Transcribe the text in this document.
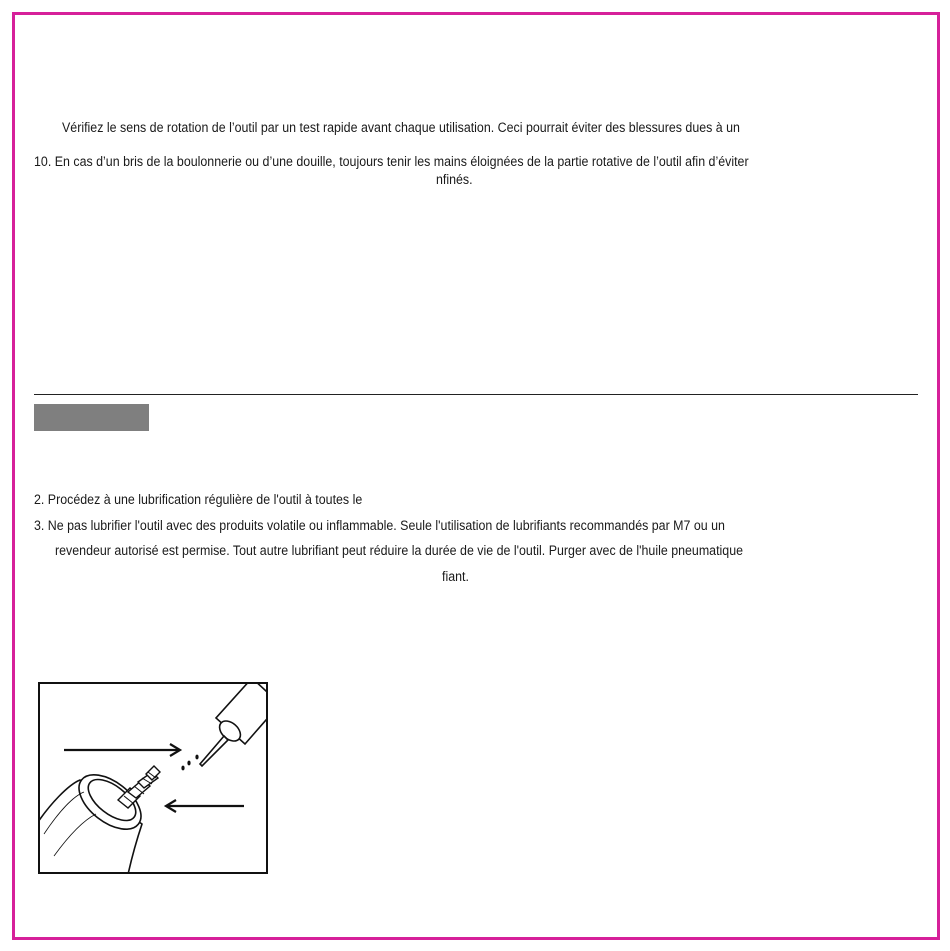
Vérifiez le sens de rotation de l’outil par un test rapide avant chaque utilisation. Ceci pourrait éviter des blessures dues à un
10. En cas d’un bris de la boulonnerie ou d’une douille, toujours tenir les mains éloignées de la partie rotative de l’outil afin d’éviter
nfinés.
2. Procédez à une lubrification régulière de l'outil à toutes le
3. Ne pas lubrifier l'outil avec des produits volatile ou inflammable. Seule l'utilisation de lubrifiants recommandés par M7 ou un
revendeur autorisé est permise. Tout autre lubrifiant peut réduire la durée de vie de l'outil. Purger avec de l'huile pneumatique
fiant.
